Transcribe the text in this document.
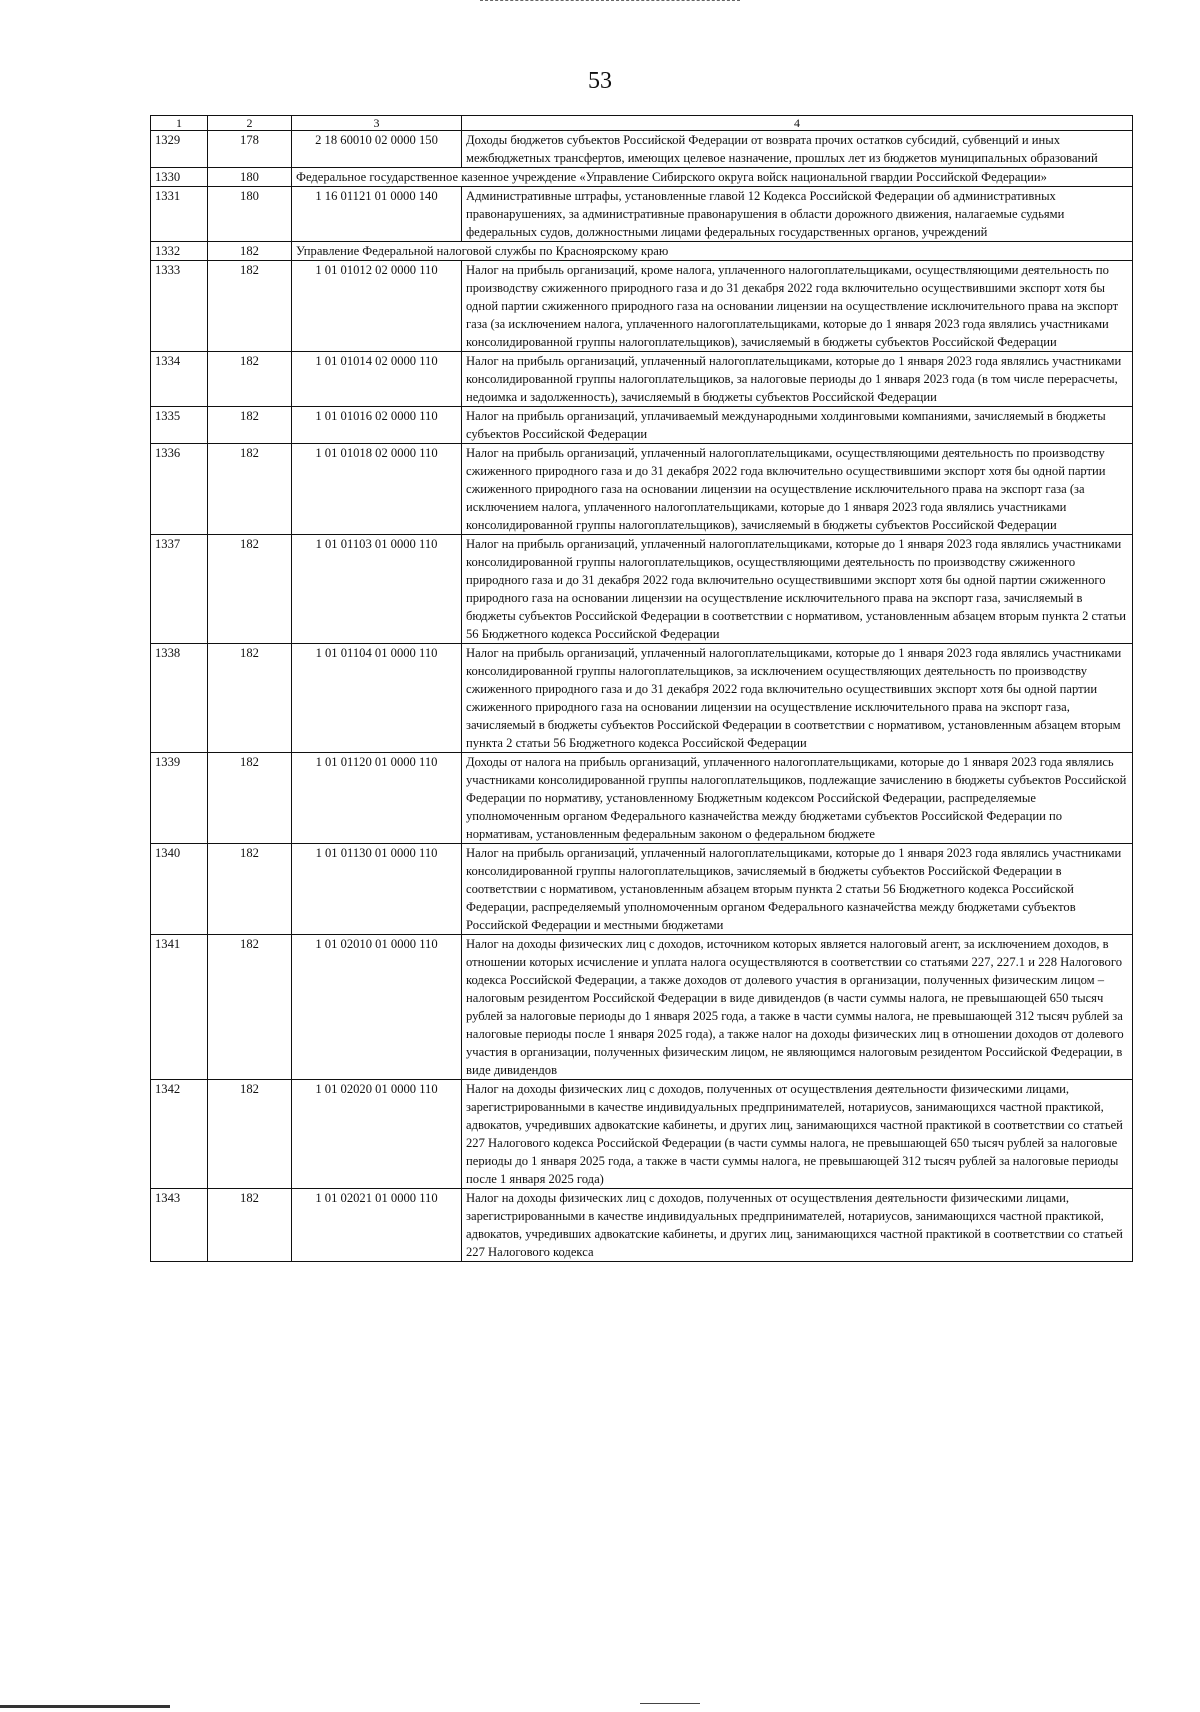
53
1	2	3	4
1329	178	2 18 60010 02 0000 150	Доходы бюджетов субъектов Российской Федерации от возврата прочих остатков субсидий, субвенций и иных межбюджетных трансфертов, имеющих целевое назначение, прошлых лет из бюджетов муниципальных образований
1330	180	Федеральное государственное казенное учреждение «Управление Сибирского округа войск национальной гвардии Российской Федерации»	
1331	180	1 16 01121 01 0000 140	Административные штрафы, установленные главой 12 Кодекса Российской Федерации об административных правонарушениях, за административные правонарушения в области дорожного движения, налагаемые судьями федеральных судов, должностными лицами федеральных государственных органов, учреждений
1332	182	Управление Федеральной налоговой службы по Красноярскому краю	
1333	182	1 01 01012 02 0000 110	Налог на прибыль организаций, кроме налога, уплаченного налогоплательщиками, осуществляющими деятельность по производству сжиженного природного газа и до 31 декабря 2022 года включительно осуществившими экспорт хотя бы одной партии сжиженного природного газа на основании лицензии на осуществление исключительного права на экспорт газа (за исключением налога, уплаченного налогоплательщиками, которые до 1 января 2023 года являлись участниками консолидированной группы налогоплательщиков), зачисляемый в бюджеты субъектов Российской Федерации
1334	182	1 01 01014 02 0000 110	Налог на прибыль организаций, уплаченный налогоплательщиками, которые до 1 января 2023 года являлись участниками консолидированной группы налогоплательщиков, за налоговые периоды до 1 января 2023 года (в том числе перерасчеты, недоимка и задолженность), зачисляемый в бюджеты субъектов Российской Федерации
1335	182	1 01 01016 02 0000 110	Налог на прибыль организаций, уплачиваемый международными холдинговыми компаниями, зачисляемый в бюджеты субъектов Российской Федерации
1336	182	1 01 01018 02 0000 110	Налог на прибыль организаций, уплаченный налогоплательщиками, осуществляющими деятельность по производству сжиженного природного газа и до 31 декабря 2022 года включительно осуществившими экспорт хотя бы одной партии сжиженного природного газа на основании лицензии на осуществление исключительного права на экспорт газа (за исключением налога, уплаченного налогоплательщиками, которые до 1 января 2023 года являлись участниками консолидированной группы налогоплательщиков), зачисляемый в бюджеты субъектов Российской Федерации
1337	182	1 01 01103 01 0000 110	Налог на прибыль организаций, уплаченный налогоплательщиками, которые до 1 января 2023 года являлись участниками консолидированной группы налогоплательщиков, осуществляющими деятельность по производству сжиженного природного газа и до 31 декабря 2022 года включительно осуществившими экспорт хотя бы одной партии сжиженного природного газа на основании лицензии на осуществление исключительного права на экспорт газа, зачисляемый в бюджеты субъектов Российской Федерации в соответствии с нормативом, установленным абзацем вторым пункта 2 статьи 56 Бюджетного кодекса Российской Федерации
1338	182	1 01 01104 01 0000 110	Налог на прибыль организаций, уплаченный налогоплательщиками, которые до 1 января 2023 года являлись участниками консолидированной группы налогоплательщиков, за исключением осуществляющих деятельность по производству сжиженного природного газа и до 31 декабря 2022 года включительно осуществивших экспорт хотя бы одной партии сжиженного природного газа на основании лицензии на осуществление исключительного права на экспорт газа, зачисляемый в бюджеты субъектов Российской Федерации в соответствии с нормативом, установленным абзацем вторым пункта 2 статьи 56 Бюджетного кодекса Российской Федерации
1339	182	1 01 01120 01 0000 110	Доходы от налога на прибыль организаций, уплаченного налогоплательщиками, которые до 1 января 2023 года являлись участниками консолидированной группы налогоплательщиков, подлежащие зачислению в бюджеты субъектов Российской Федерации по нормативу, установленному Бюджетным кодексом Российской Федерации, распределяемые уполномоченным органом Федерального казначейства между бюджетами субъектов Российской Федерации по нормативам, установленным федеральным законом о федеральном бюджете
1340	182	1 01 01130 01 0000 110	Налог на прибыль организаций, уплаченный налогоплательщиками, которые до 1 января 2023 года являлись участниками консолидированной группы налогоплательщиков, зачисляемый в бюджеты субъектов Российской Федерации в соответствии с нормативом, установленным абзацем вторым пункта 2 статьи 56 Бюджетного кодекса Российской Федерации, распределяемый уполномоченным органом Федерального казначейства между бюджетами субъектов Российской Федерации и местными бюджетами
1341	182	1 01 02010 01 0000 110	Налог на доходы физических лиц с доходов, источником которых является налоговый агент, за исключением доходов, в отношении которых исчисление и уплата налога осуществляются в соответствии со статьями 227, 227.1 и 228 Налогового кодекса Российской Федерации, а также доходов от долевого участия в организации, полученных физическим лицом – налоговым резидентом Российской Федерации в виде дивидендов (в части суммы налога, не превышающей 650 тысяч рублей за налоговые периоды до 1 января 2025 года, а также в части суммы налога, не превышающей 312 тысяч рублей за налоговые периоды после 1 января 2025 года), а также налог на доходы физических лиц в отношении доходов от долевого участия в организации, полученных физическим лицом, не являющимся налоговым резидентом Российской Федерации, в виде дивидендов
1342	182	1 01 02020 01 0000 110	Налог на доходы физических лиц с доходов, полученных от осуществления деятельности физическими лицами, зарегистрированными в качестве индивидуальных предпринимателей, нотариусов, занимающихся частной практикой, адвокатов, учредивших адвокатские кабинеты, и других лиц, занимающихся частной практикой в соответствии со статьей 227 Налогового кодекса Российской Федерации (в части суммы налога, не превышающей 650 тысяч рублей за налоговые периоды до 1 января 2025 года, а также в части суммы налога, не превышающей 312 тысяч рублей за налоговые периоды после 1 января 2025 года)
1343	182	1 01 02021 01 0000 110	Налог на доходы физических лиц с доходов, полученных от осуществления деятельности физическими лицами, зарегистрированными в качестве индивидуальных предпринимателей, нотариусов, занимающихся частной практикой, адвокатов, учредивших адвокатские кабинеты, и других лиц, занимающихся частной практикой в соответствии со статьей 227 Налогового кодекса
